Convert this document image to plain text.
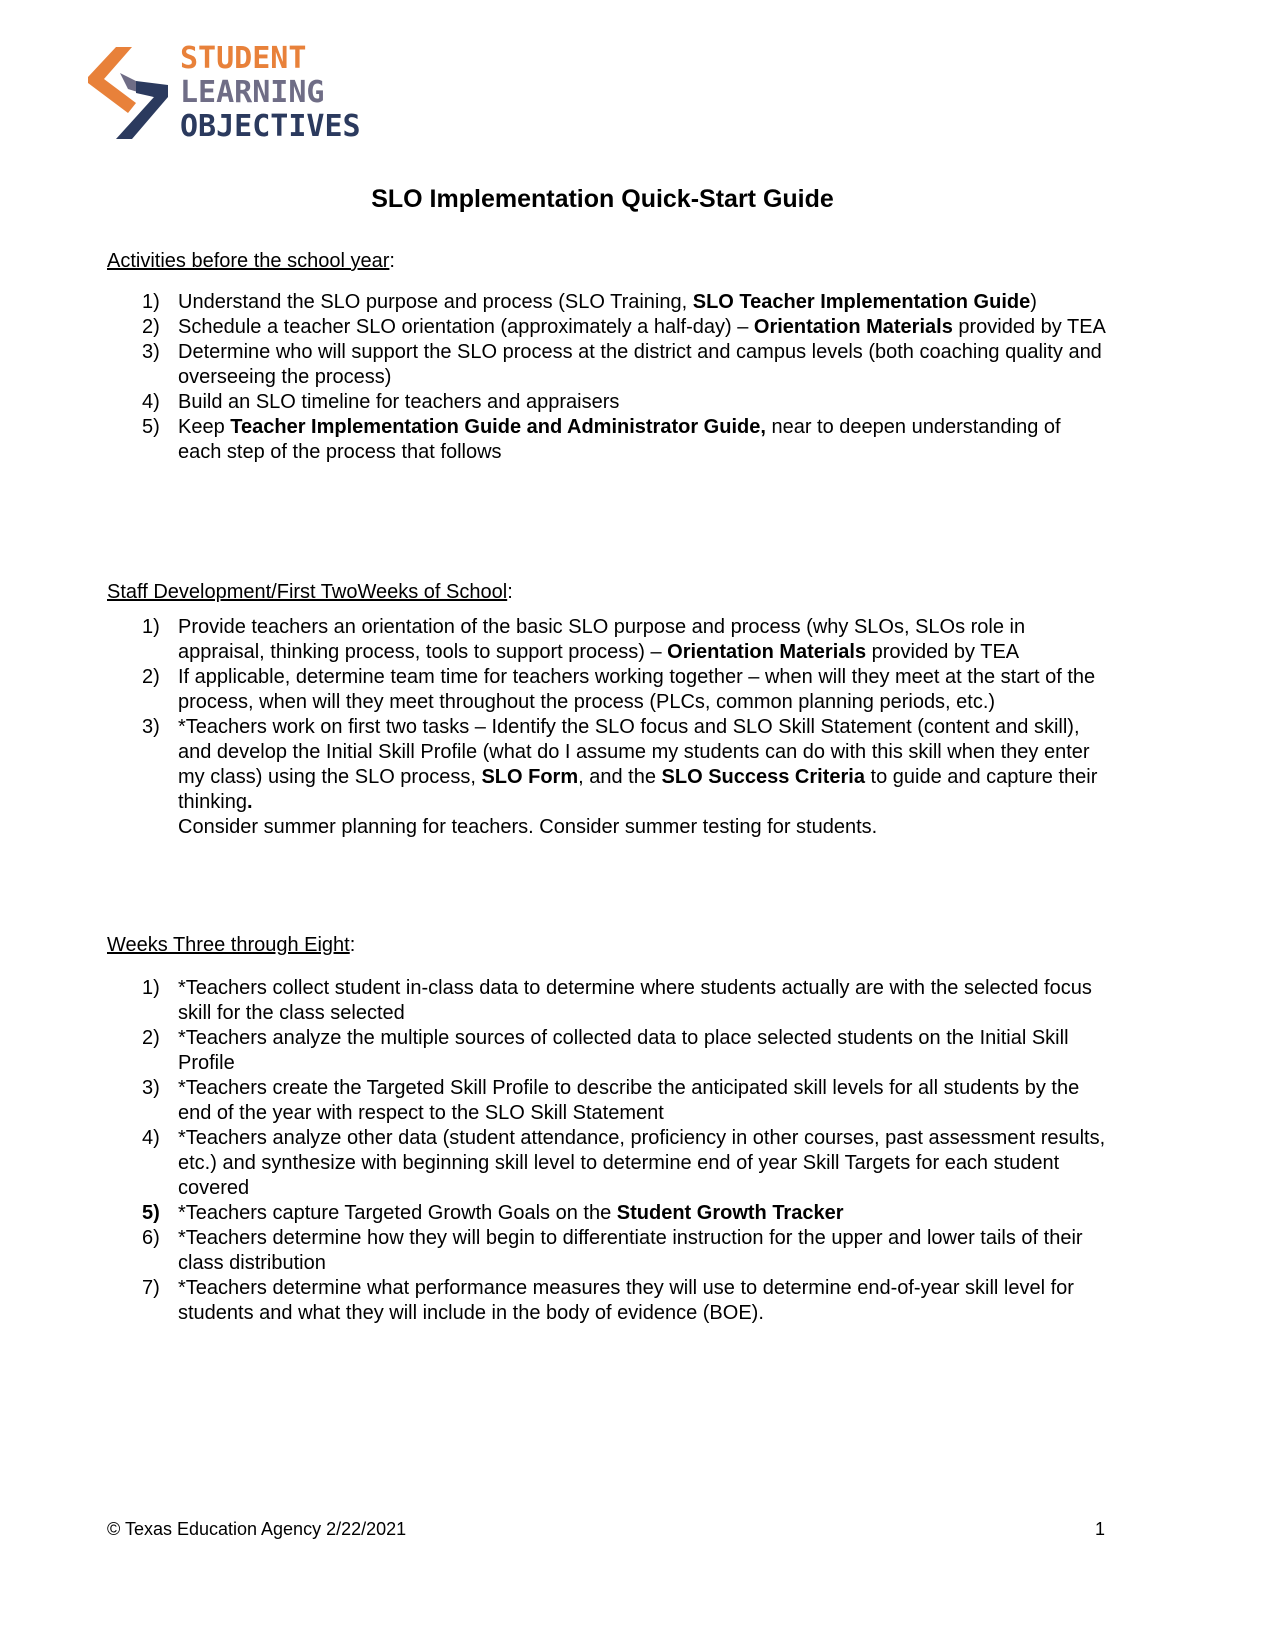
STUDENT

LEARNING

OBJECTIVES

SLO Implementation Quick-Start Guide
Activities before the school year:
1) Understand the SLO purpose and process (SLO Training, SLO Teacher Implementation Guide)
2) Schedule a teacher SLO orientation (approximately a half-day) – Orientation Materials provided by TEA
3) Determine who will support the SLO process at the district and campus levels (both coaching quality and overseeing the process)
4) Build an SLO timeline for teachers and appraisers
5) Keep Teacher Implementation Guide and Administrator Guide, near to deepen understanding of each step of the process that follows
Staff Development/First TwoWeeks of School:
1) Provide teachers an orientation of the basic SLO purpose and process (why SLOs, SLOs role in appraisal, thinking process, tools to support process) – Orientation Materials provided by TEA
2) If applicable, determine team time for teachers working together – when will they meet at the start of the process, when will they meet throughout the process (PLCs, common planning periods, etc.)
3) *Teachers work on first two tasks – Identify the SLO focus and SLO Skill Statement (content and skill), and develop the Initial Skill Profile (what do I assume my students can do with this skill when they enter my class) using the SLO process, SLO Form, and the SLO Success Criteria to guide and capture their thinking.
Consider summer planning for teachers. Consider summer testing for students.
Weeks Three through Eight:
1) *Teachers collect student in-class data to determine where students actually are with the selected focus skill for the class selected
2) *Teachers analyze the multiple sources of collected data to place selected students on the Initial Skill Profile
3) *Teachers create the Targeted Skill Profile to describe the anticipated skill levels for all students by the end of the year with respect to the SLO Skill Statement
4) *Teachers analyze other data (student attendance, proficiency in other courses, past assessment results, etc.) and synthesize with beginning skill level to determine end of year Skill Targets for each student covered
5) *Teachers capture Targeted Growth Goals on the Student Growth Tracker
6) *Teachers determine how they will begin to differentiate instruction for the upper and lower tails of their class distribution
7) *Teachers determine what performance measures they will use to determine end-of-year skill level for students and what they will include in the body of evidence (BOE).

© Texas Education Agency 2/22/2021	1
